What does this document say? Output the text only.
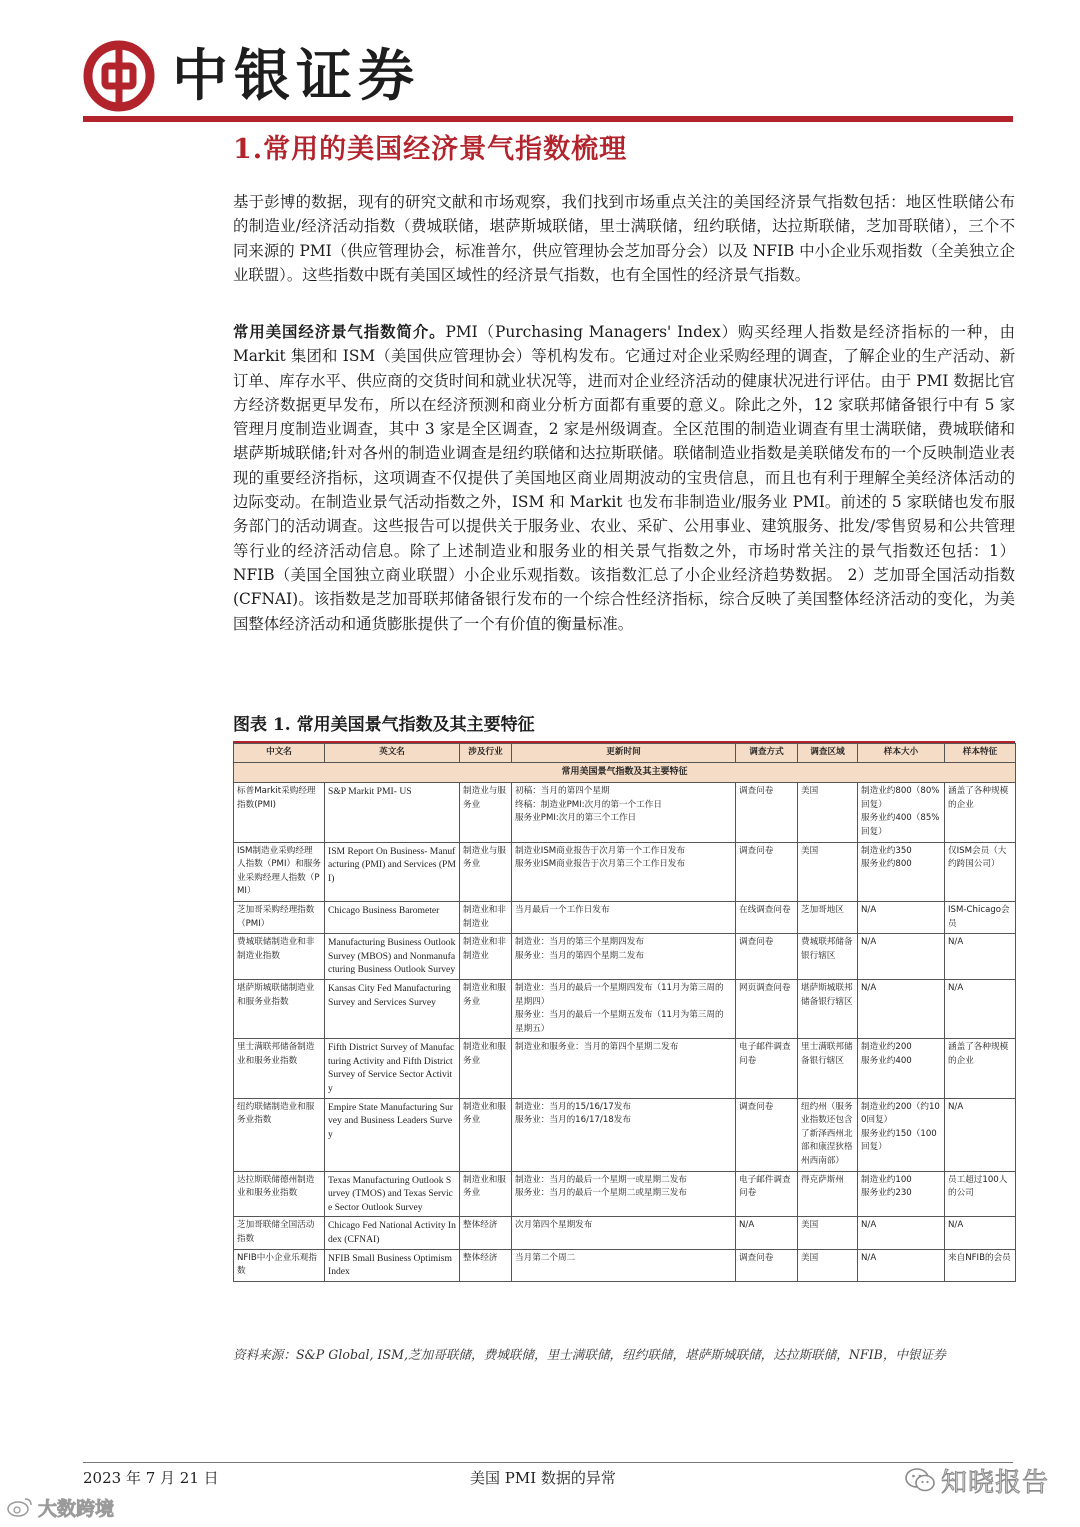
中银证券
1.常用的美国经济景气指数梳理

基于彭博的数据，现有的研究文献和市场观察，我们找到市场重点关注的美国经济景气指数包括：地区性联储公布的制造业/经济活动指数（费城联储，堪萨斯城联储，里士满联储，纽约联储，达拉斯联储，芝加哥联储），三个不同来源的 PMI（供应管理协会，标准普尔，供应管理协会芝加哥分会）以及 NFIB 中小企业乐观指数（全美独立企业联盟）。这些指数中既有美国区域性的经济景气指数，也有全国性的经济景气指数。

常用美国经济景气指数简介。PMI（Purchasing Managers' Index）购买经理人指数是经济指标的一种，由 Markit 集团和 ISM（美国供应管理协会）等机构发布。它通过对企业采购经理的调查，了解企业的生产活动、新订单、库存水平、供应商的交货时间和就业状况等，进而对企业经济活动的健康状况进行评估。由于 PMI 数据比官方经济数据更早发布，所以在经济预测和商业分析方面都有重要的意义。除此之外，12 家联邦储备银行中有 5 家管理月度制造业调查，其中 3 家是全区调查，2 家是州级调查。全区范围的制造业调查有里士满联储，费城联储和堪萨斯城联储;针对各州的制造业调查是纽约联储和达拉斯联储。联储制造业指数是美联储发布的一个反映制造业表现的重要经济指标，这项调查不仅提供了美国地区商业周期波动的宝贵信息，而且也有利于理解全美经济体活动的边际变动。在制造业景气活动指数之外，ISM 和 Markit 也发布非制造业/服务业 PMI。前述的 5 家联储也发布服务部门的活动调查。这些报告可以提供关于服务业、农业、采矿、公用事业、建筑服务、批发/零售贸易和公共管理等行业的经济活动信息。除了上述制造业和服务业的相关景气指数之外，市场时常关注的景气指数还包括：1）NFIB（美国全国独立商业联盟）小企业乐观指数。该指数汇总了小企业经济趋势数据。 2）芝加哥全国活动指数(CFNAI)。该指数是芝加哥联邦储备银行发布的一个综合性经济指标，综合反映了美国整体经济活动的变化，为美国整体经济活动和通货膨胀提供了一个有价值的衡量标准。

图表 1. 常用美国景气指数及其主要特征
常用美国景气指数及其主要特征							
中文名	英文名	涉及行业	更新时间	调查方式	调查区域	样本大小	样本特征

标普Markit采购经理指数(PMI)	S&P Markit PMI- US	制造业与服务业	初稿：当月的第四个星期
终稿：制造业PMI:次月的第一个工作日
服务业PMI:次月的第三个工作日	调查问卷	美国	制造业约800（80%回复）
服务业约400（85%回复）	涵盖了各种规模的企业

ISM制造业采购经理人指数（PMI）和服务业采购经理人指数（PMI）	ISM Report On Business- Manufacturing (PMI) and Services (PMI)	制造业与服务业	制造业ISM商业报告于次月第一个工作日发布
服务业ISM商业报告于次月第三个工作日发布	调查问卷	美国	制造业约350
服务业约800	仅ISM会员（大约跨国公司）

芝加哥采购经理指数（PMI）	Chicago Business Barometer	制造业和非制造业	当月最后一个工作日发布	在线调查问卷	芝加哥地区	N/A	ISM-Chicago会员

费城联储制造业和非制造业指数	Manufacturing Business Outlook Survey (MBOS) and Nonmanufacturing Business Outlook Survey	制造业和非制造业	制造业：当月的第三个星期四发布
服务业：当月的第四个星期二发布	调查问卷	费城联邦储备银行辖区	N/A	N/A

堪萨斯城联储制造业和服务业指数	Kansas City Fed Manufacturing Survey and Services Survey	制造业和服务业	制造业：当月的最后一个星期四发布（11月为第三周的星期四）
服务业：当月的最后一个星期五发布（11月为第三周的星期五）	网页调查问卷	堪萨斯城联邦储备银行辖区	N/A	N/A

里士满联邦储备制造业和服务业指数	Fifth District Survey of Manufacturing Activity and Fifth District Survey of Service Sector Activity	制造业和服务业	制造业和服务业：当月的第四个星期二发布	电子邮件调查问卷	里士满联邦储备银行辖区	制造业约200
服务业约400	涵盖了各种规模的企业

纽约联储制造业和服务业指数	Empire State Manufacturing Survey and Business Leaders Survey	制造业和服务业	制造业：当月的15/16/17发布
服务业：当月的16/17/18发布	调查问卷	纽约州（服务业指数还包含了新泽西州北部和康涅狄格州西南部）	制造业约200（约100回复）
服务业约150（100回复）	N/A

达拉斯联储德州制造业和服务业指数	Texas Manufacturing Outlook Survey (TMOS) and Texas Service Sector Outlook Survey	制造业和服务业	制造业：当月的最后一个星期一或星期二发布
服务业：当月的最后一个星期二或星期三发布	电子邮件调查问卷	得克萨斯州	制造业约100
服务业约230	员工超过100人的公司

芝加哥联储全国活动指数	Chicago Fed National Activity Index (CFNAI)	整体经济	次月第四个星期发布	N/A	美国	N/A	N/A

NFIB中小企业乐观指数	NFIB Small Business Optimism Index	整体经济	当月第二个周二	调查问卷	美国	N/A	来自NFIB的会员
资料来源：S&P Global, ISM,芝加哥联储，费城联储，里士满联储，纽约联储，堪萨斯城联储，达拉斯联储，NFIB，中银证券
2023 年 7 月 21 日	美国 PMI 数据的异常	知晓报告
大数跨境
